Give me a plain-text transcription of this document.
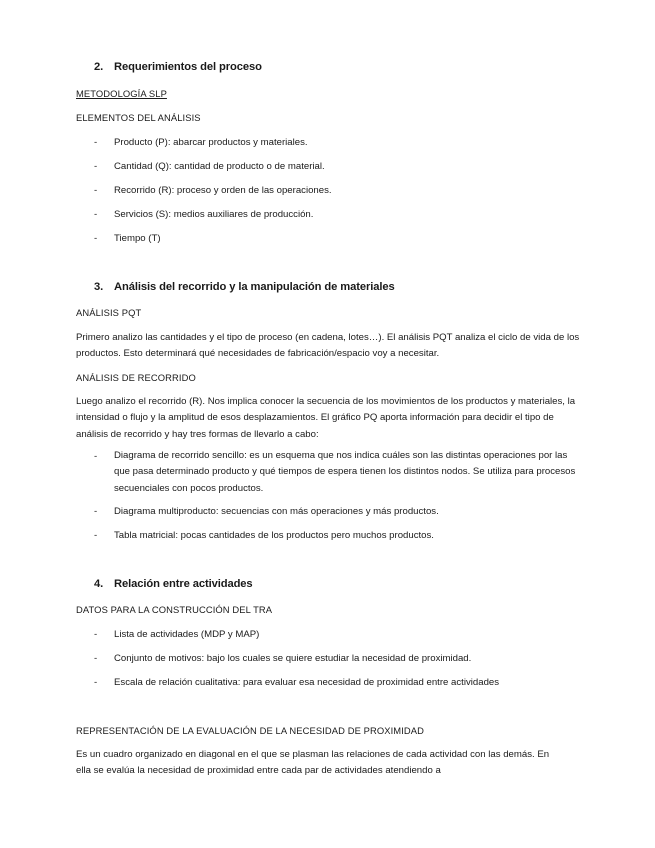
2. Requerimientos del proceso
METODOLOGÍA SLP
ELEMENTOS DEL ANÁLISIS
- Producto (P): abarcar productos y materiales.
- Cantidad (Q): cantidad de producto o de material.
- Recorrido (R): proceso y orden de las operaciones.
- Servicios (S): medios auxiliares de producción.
- Tiempo (T)
3. Análisis del recorrido y la manipulación de materiales
ANÁLISIS PQT
Primero analizo las cantidades y el tipo de proceso (en cadena, lotes…). El análisis PQT analiza el ciclo de vida de los productos. Esto determinará qué necesidades de fabricación/espacio voy a necesitar.
ANÁLISIS DE RECORRIDO
Luego analizo el recorrido (R). Nos implica conocer la secuencia de los movimientos de los productos y materiales, la intensidad o flujo y la amplitud de esos desplazamientos. El gráfico PQ aporta información para decidir el tipo de análisis de recorrido y hay tres formas de llevarlo a cabo:
- Diagrama de recorrido sencillo: es un esquema que nos indica cuáles son las distintas operaciones por las que pasa determinado producto y qué tiempos de espera tienen los distintos nodos. Se utiliza para procesos secuenciales con pocos productos.
- Diagrama multiproducto: secuencias con más operaciones y más productos.
- Tabla matricial: pocas cantidades de los productos pero muchos productos.
4. Relación entre actividades
DATOS PARA LA CONSTRUCCIÓN DEL TRA
- Lista de actividades (MDP y MAP)
- Conjunto de motivos: bajo los cuales se quiere estudiar la necesidad de proximidad.
- Escala de relación cualitativa: para evaluar esa necesidad de proximidad entre actividades
REPRESENTACIÓN DE LA EVALUACIÓN DE LA NECESIDAD DE PROXIMIDAD
Es un cuadro organizado en diagonal en el que se plasman las relaciones de cada actividad con las demás. En ella se evalúa la necesidad de proximidad entre cada par de actividades atendiendo a
